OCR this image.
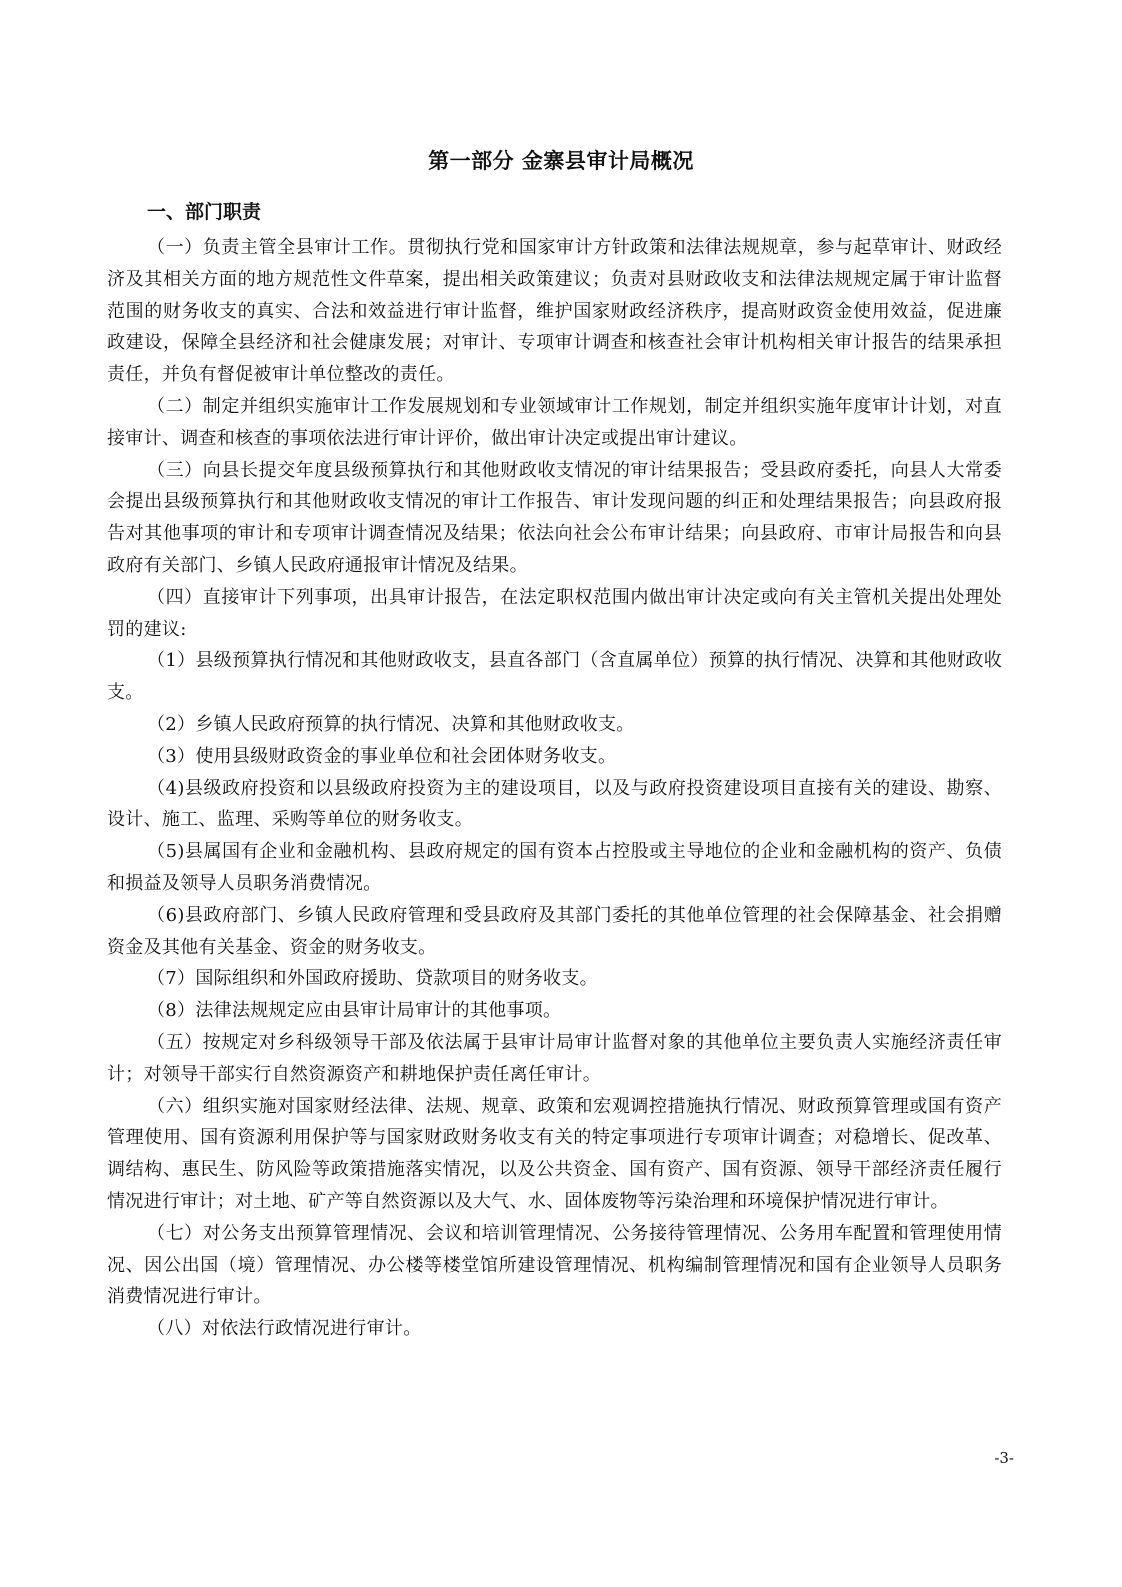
第一部分 金寨县审计局概况
一、部门职责

（一）负责主管全县审计工作。贯彻执行党和国家审计方针政策和法律法规规章，参与起草审计、财政经济及其相关方面的地方规范性文件草案，提出相关政策建议；负责对县财政收支和法律法规规定属于审计监督范围的财务收支的真实、合法和效益进行审计监督，维护国家财政经济秩序，提高财政资金使用效益，促进廉政建设，保障全县经济和社会健康发展；对审计、专项审计调查和核查社会审计机构相关审计报告的结果承担责任，并负有督促被审计单位整改的责任。

（二）制定并组织实施审计工作发展规划和专业领域审计工作规划，制定并组织实施年度审计计划，对直接审计、调查和核查的事项依法进行审计评价，做出审计决定或提出审计建议。

（三）向县长提交年度县级预算执行和其他财政收支情况的审计结果报告；受县政府委托，向县人大常委会提出县级预算执行和其他财政收支情况的审计工作报告、审计发现问题的纠正和处理结果报告；向县政府报告对其他事项的审计和专项审计调查情况及结果；依法向社会公布审计结果；向县政府、市审计局报告和向县政府有关部门、乡镇人民政府通报审计情况及结果。

（四）直接审计下列事项，出具审计报告，在法定职权范围内做出审计决定或向有关主管机关提出处理处罚的建议:

（1）县级预算执行情况和其他财政收支，县直各部门（含直属单位）预算的执行情况、决算和其他财政收支。

（2）乡镇人民政府预算的执行情况、决算和其他财政收支。

（3）使用县级财政资金的事业单位和社会团体财务收支。

（4)县级政府投资和以县级政府投资为主的建设项目，以及与政府投资建设项目直接有关的建设、勘察、设计、施工、监理、采购等单位的财务收支。

（5)县属国有企业和金融机构、县政府规定的国有资本占控股或主导地位的企业和金融机构的资产、负债和损益及领导人员职务消费情况。

（6)县政府部门、乡镇人民政府管理和受县政府及其部门委托的其他单位管理的社会保障基金、社会捐赠资金及其他有关基金、资金的财务收支。

（7）国际组织和外国政府援助、贷款项目的财务收支。

（8）法律法规规定应由县审计局审计的其他事项。

（五）按规定对乡科级领导干部及依法属于县审计局审计监督对象的其他单位主要负责人实施经济责任审计；对领导干部实行自然资源资产和耕地保护责任离任审计。

（六）组织实施对国家财经法律、法规、规章、政策和宏观调控措施执行情况、财政预算管理或国有资产管理使用、国有资源利用保护等与国家财政财务收支有关的特定事项进行专项审计调查；对稳增长、促改革、调结构、惠民生、防风险等政策措施落实情况，以及公共资金、国有资产、国有资源、领导干部经济责任履行情况进行审计；对土地、矿产等自然资源以及大气、水、固体废物等污染治理和环境保护情况进行审计。

（七）对公务支出预算管理情况、会议和培训管理情况、公务接待管理情况、公务用车配置和管理使用情况、因公出国（境）管理情况、办公楼等楼堂馆所建设管理情况、机构编制管理情况和国有企业领导人员职务消费情况进行审计。

（八）对依法行政情况进行审计。

-3-
